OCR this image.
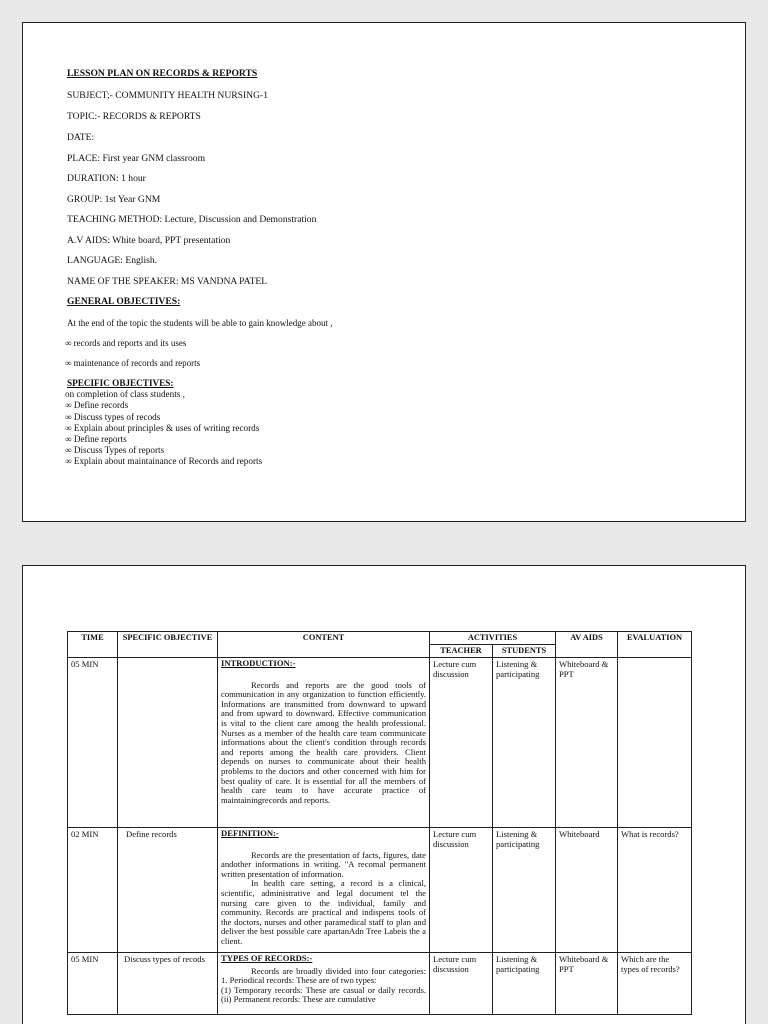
LESSON PLAN ON RECORDS & REPORTS
SUBJECT;- COMMUNITY HEALTH NURSING-1
TOPIC:- RECORDS & REPORTS
DATE:
PLACE: First year GNM classroom
DURATION: 1 hour
GROUP: 1st Year GNM
TEACHING METHOD: Lecture, Discussion and Demonstration
A.V AIDS: White board, PPT presentation
LANGUAGE: English.
NAME OF THE SPEAKER: MS VANDNA PATEL
GENERAL OBJECTIVES:
At the end of the topic the students will be able to gain knowledge about ,
∞ records and reports and its uses
∞ maintenance of records and reports
SPECIFIC OBJECTIVES:
on completion of class students ,
∞ Define records
∞ Discuss types of recods
∞ Explain about principles & uses of writing records
∞ Define reports
∞ Discuss Types of reports
∞ Explain about maintainance of Records and reports
TIME	SPECIFIC OBJECTIVE	CONTENT	ACTIVITIES		AV AIDS	EVALUATION
			TEACHER	STUDENTS		
05 MIN		INTRODUCTION:-
Records and reports are the good tools of communication in any organization to function efficiently. Informations are transmitted from downward to upward and from upward to downward. Effective communication is vital to the client care among the health professional. Nurses as a member of the health care team communicate informations about the client's condition through records and reports among the health care providers. Client depends on nurses to communicate about their health problems to the doctors and other concerned with him for best quality of care. It is essential for all the members of health care team to have accurate practice of maintainingrecords and reports.	Lecture cum discussion	Listening & participating	Whiteboard & PPT	
02 MIN	Define records	DEFINITION:-
Records are the presentation of facts, figures, date andother informations in writing. "A recomal permanent written presentation of information.
In health care setting, a record is a clinical, scientific, administrative and legal document tel the nursing care given to the individual, family and community. Records are practical and indispens tools of the doctors, nurses and other paramedical staff to plan and deliver the best possible care apartanAdn Tree Labeis the a client.	Lecture cum discussion	Listening & participating	Whiteboard	What is records?
05 MIN	Discuss types of recods	TYPES OF RECORDS:-
Records are broadly divided into four categories: 1. Periodical records: These are of two types:
(1) Temporary records: These are casual or daily records. (ii) Permanent records: These are cumulative	Lecture cum discussion	Listening & participating	Whiteboard & PPT	Which are the types of records?
